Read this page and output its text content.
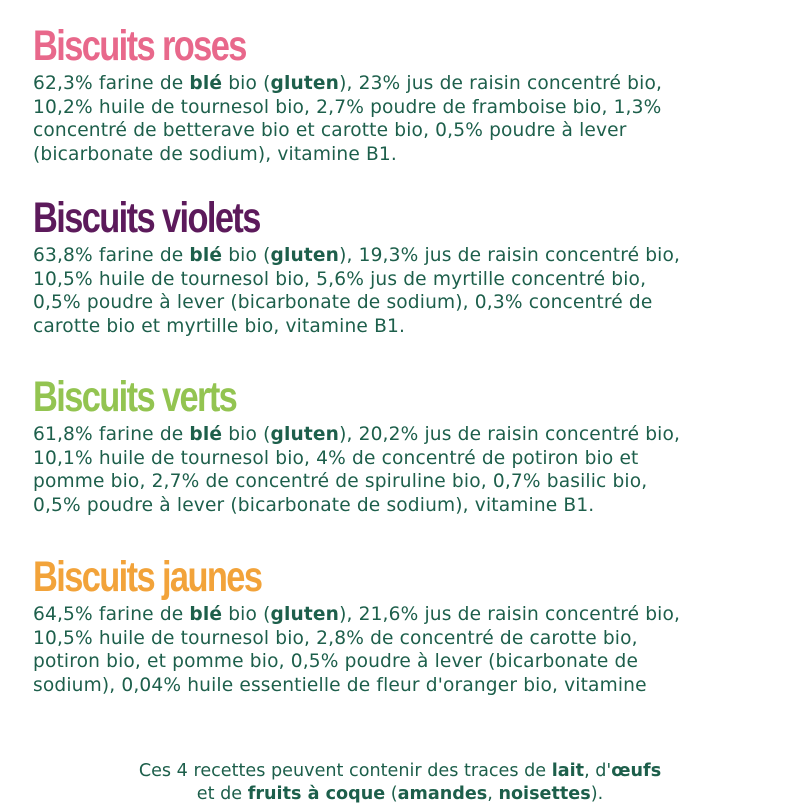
Biscuits roses

62,3% farine de blé bio (gluten), 23% jus de raisin concentré bio,
10,2% huile de tournesol bio, 2,7% poudre de framboise bio, 1,3%
concentré de betterave bio et carotte bio, 0,5% poudre à lever
(bicarbonate de sodium), vitamine B1.

Biscuits violets

63,8% farine de blé bio (gluten), 19,3% jus de raisin concentré bio,
10,5% huile de tournesol bio, 5,6% jus de myrtille concentré bio,
0,5% poudre à lever (bicarbonate de sodium), 0,3% concentré de
carotte bio et myrtille bio, vitamine B1.

Biscuits verts

61,8% farine de blé bio (gluten), 20,2% jus de raisin concentré bio,
10,1% huile de tournesol bio, 4% de concentré de potiron bio et
pomme bio, 2,7% de concentré de spiruline bio, 0,7% basilic bio,
0,5% poudre à lever (bicarbonate de sodium), vitamine B1.

Biscuits jaunes

64,5% farine de blé bio (gluten), 21,6% jus de raisin concentré bio,
10,5% huile de tournesol bio, 2,8% de concentré de carotte bio,
potiron bio, et pomme bio, 0,5% poudre à lever (bicarbonate de
sodium), 0,04% huile essentielle de fleur d'oranger bio, vitamine

Ces 4 recettes peuvent contenir des traces de lait, d'œufs
et de fruits à coque (amandes, noisettes).
